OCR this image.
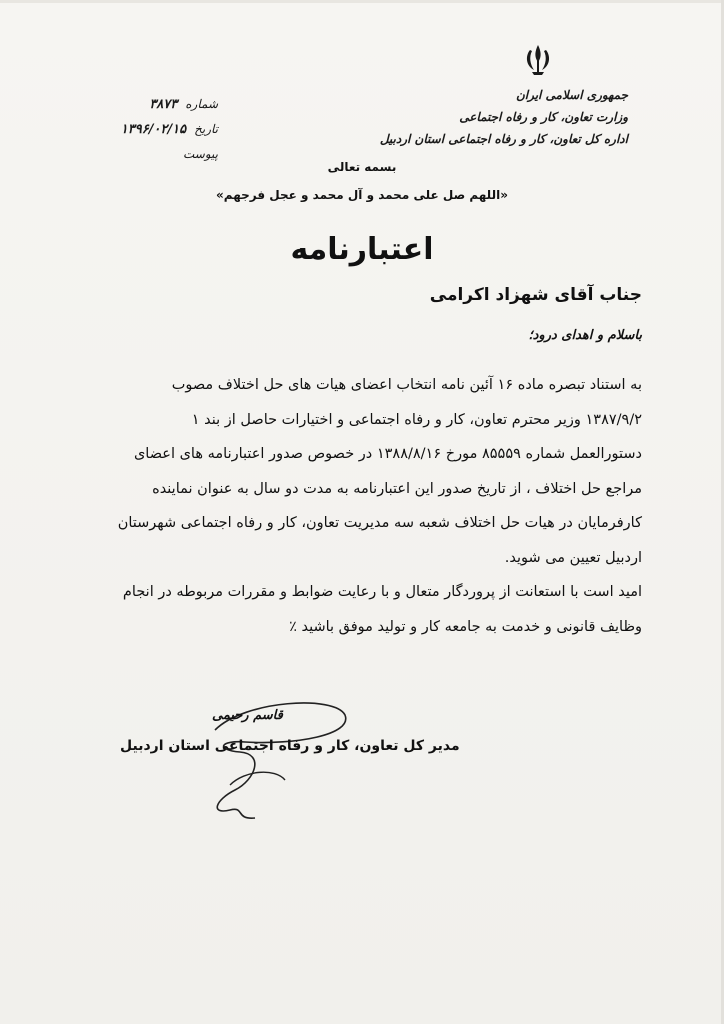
جمهوری اسلامی ایران
وزارت تعاون، کار و رفاه اجتماعی
اداره کل تعاون، کار و رفاه اجتماعی استان اردبیل
۳۸۷۳ شماره
۱۳۹۶/۰۲/۱۵ تاریخ
پیوست
بسمه تعالی
«اللهم صل علی محمد و آل محمد و عجل فرجهم»
اعتبارنامه
جناب آقای شهزاد اکرامی
باسلام و اهدای درود؛
به استناد تبصره ماده ۱۶ آئین نامه انتخاب اعضای هیات های حل اختلاف مصوب
۱۳۸۷/۹/۲ وزیر محترم تعاون، کار و رفاه اجتماعی و اختیارات حاصل از بند ۱
دستورالعمل شماره ۸۵۵۵۹ مورخ ۱۳۸۸/۸/۱۶ در خصوص صدور اعتبارنامه های اعضای
مراجع حل اختلاف ، از تاریخ صدور این اعتبارنامه به مدت دو سال به عنوان نماینده
کارفرمایان در هیات حل اختلاف شعبه سه مدیریت تعاون، کار و رفاه اجتماعی شهرستان
اردبیل تعیین می شوید.
امید است با استعانت از پروردگار متعال و با رعایت ضوابط و مقررات مربوطه در انجام
وظایف قانونی و خدمت به جامعه کار و تولید موفق باشید ٪
قاسم رحیمی
مدیر کل تعاون، کار و رفاه اجتماعی استان اردبیل
